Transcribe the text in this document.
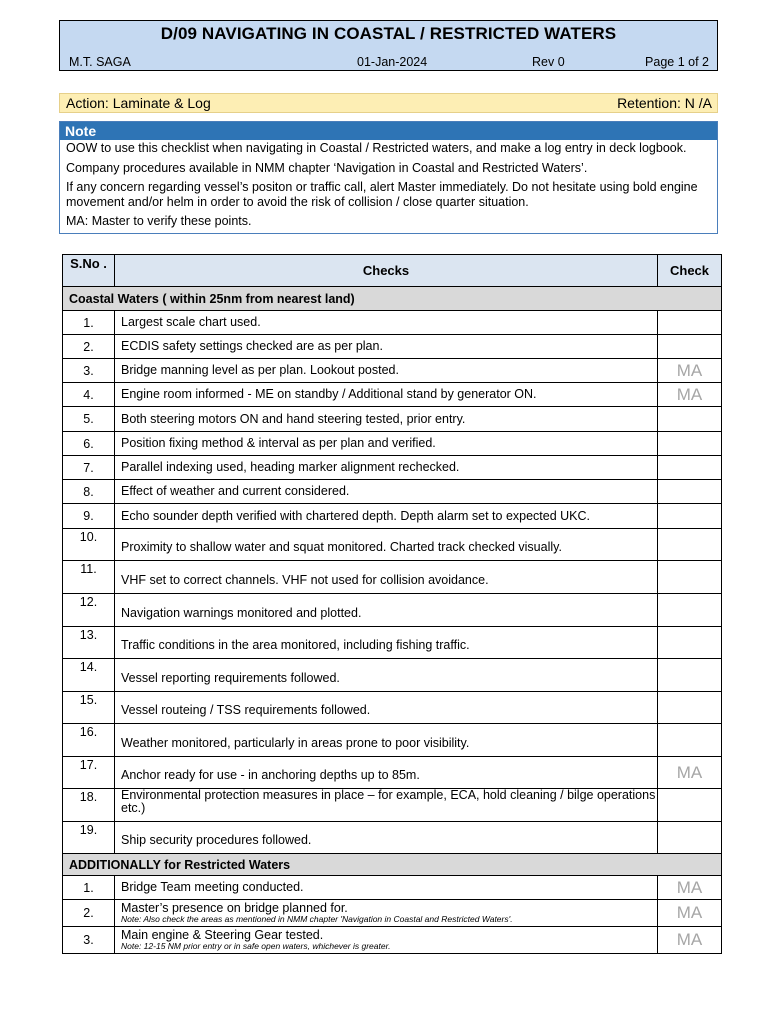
D/09 NAVIGATING IN COASTAL / RESTRICTED WATERS
M.T. SAGA	01-Jan-2024	Rev 0	Page 1 of 2
Action: Laminate & Log	Retention: N /A
Note

OOW to use this checklist when navigating in Coastal / Restricted waters, and make a log entry in deck logbook.

Company procedures available in NMM chapter ‘Navigation in Coastal and Restricted Waters’.

If any concern regarding vessel’s positon or traffic call, alert Master immediately. Do not hesitate using bold engine movement and/or helm in order to avoid the risk of collision / close quarter situation.

MA: Master to verify these points.

S.No .	Checks	Check
Coastal Waters ( within 25nm from nearest land)		
1.	Largest scale chart used.	

2.	ECDIS safety settings checked are as per plan.	

3.	Bridge manning level as per plan. Lookout posted.	MA
4.	Engine room informed - ME on standby / Additional stand by generator ON.	MA
5.	Both steering motors ON and hand steering tested, prior entry.	

6.	Position fixing method & interval as per plan and verified.	

7.	Parallel indexing used, heading marker alignment rechecked.	

8.	Effect of weather and current considered.	

9.	Echo sounder depth verified with chartered depth. Depth alarm set to expected UKC.	

10.	Proximity to shallow water and squat monitored. Charted track checked visually.	

11.	VHF set to correct channels. VHF not used for collision avoidance.	

12.	Navigation warnings monitored and plotted.	

13.	Traffic conditions in the area monitored, including fishing traffic.	

14.	Vessel reporting requirements followed.	

15.	Vessel routeing / TSS requirements followed.	

16.	Weather monitored, particularly in areas prone to poor visibility.	

17.	Anchor ready for use - in anchoring depths up to 85m.	MA
18.	Environmental protection measures in place – for example, ECA, hold cleaning / bilge operations etc.)	

19.	Ship security procedures followed.	

ADDITIONALLY for Restricted Waters		
1.	Bridge Team meeting conducted.	MA
2.	Master’s presence on bridge planned for.
Note: Also check the areas as mentioned in NMM chapter 'Navigation in Coastal and Restricted Waters'.	MA
3.	Main engine & Steering Gear tested.
Note: 12-15 NM prior entry or in safe open waters, whichever is greater.	MA
